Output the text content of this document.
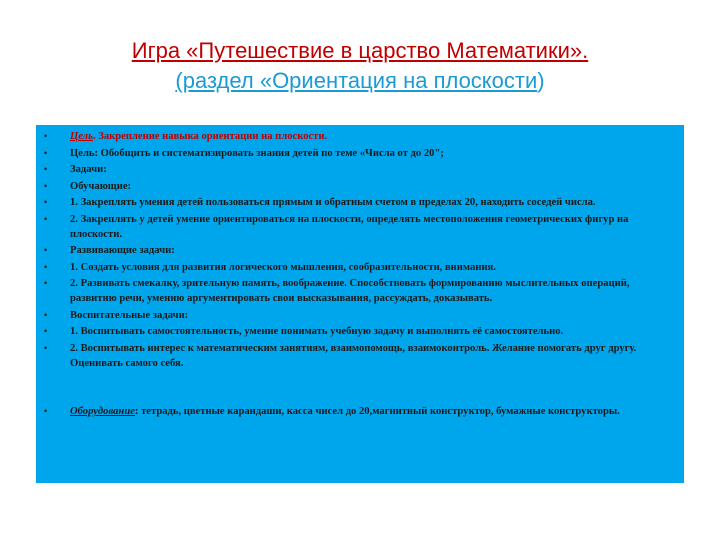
Игра «Путешествие в царство Математики».
(раздел «Ориентация на плоскости)
• Цель. Закрепление навыка ориентации на плоскости.
• Цель: Обобщить и систематизировать знания детей по теме «Числа от до 20";
• Задачи:
• Обучающие:
• 1. Закреплять умения детей пользоваться прямым и обратным счетом в пределах 20, находить соседей числа.
• 2. Закреплять у детей умение ориентироваться на плоскости, определять местоположения геометрических фигур на плоскости.
• Развивающие задачи:
• 1. Создать условия для развития логического мышления, сообразительности, внимания.
• 2. Развивать смекалку, зрительную память, воображение. Способствовать формированию мыслительных операций, развитию речи, умению аргументировать свои высказывания, рассуждать, доказывать.
• Воспитательные задачи:
• 1. Воспитывать самостоятельность, умение понимать учебную задачу и выполнять её самостоятельно.
• 2. Воспитывать интерес к математическим занятиям, взаимопомощь, взаимоконтроль. Желание помогать друг другу. Оценивать самого себя.
• Оборудование: тетрадь, цветные карандаши, касса чисел до 20,магнитный конструктор, бумажные конструкторы.
